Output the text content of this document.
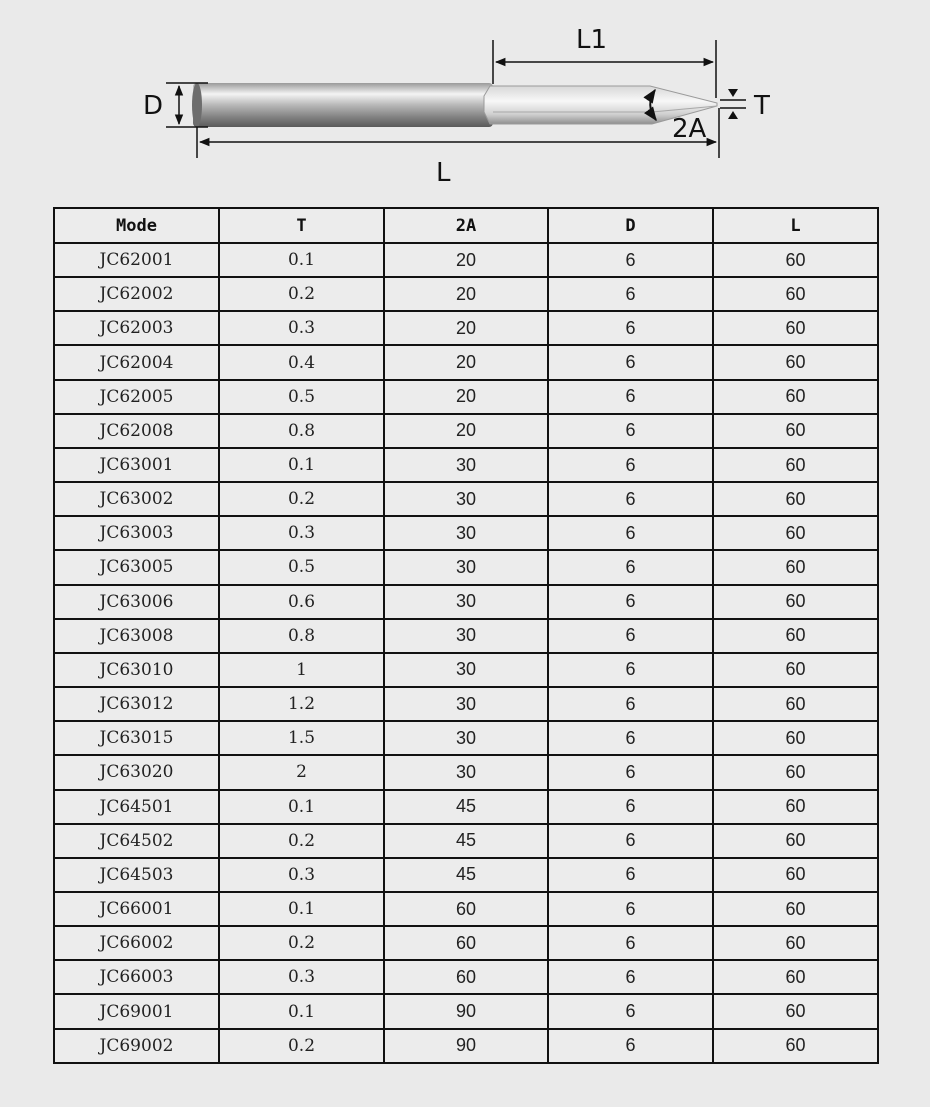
D
L
L1
T
2A
Mode	T	2A	D	L
JC62001	0.1	20	6	60
JC62002	0.2	20	6	60
JC62003	0.3	20	6	60
JC62004	0.4	20	6	60
JC62005	0.5	20	6	60
JC62008	0.8	20	6	60
JC63001	0.1	30	6	60
JC63002	0.2	30	6	60
JC63003	0.3	30	6	60
JC63005	0.5	30	6	60
JC63006	0.6	30	6	60
JC63008	0.8	30	6	60
JC63010	1	30	6	60
JC63012	1.2	30	6	60
JC63015	1.5	30	6	60
JC63020	2	30	6	60
JC64501	0.1	45	6	60
JC64502	0.2	45	6	60
JC64503	0.3	45	6	60
JC66001	0.1	60	6	60
JC66002	0.2	60	6	60
JC66003	0.3	60	6	60
JC69001	0.1	90	6	60
JC69002	0.2	90	6	60
